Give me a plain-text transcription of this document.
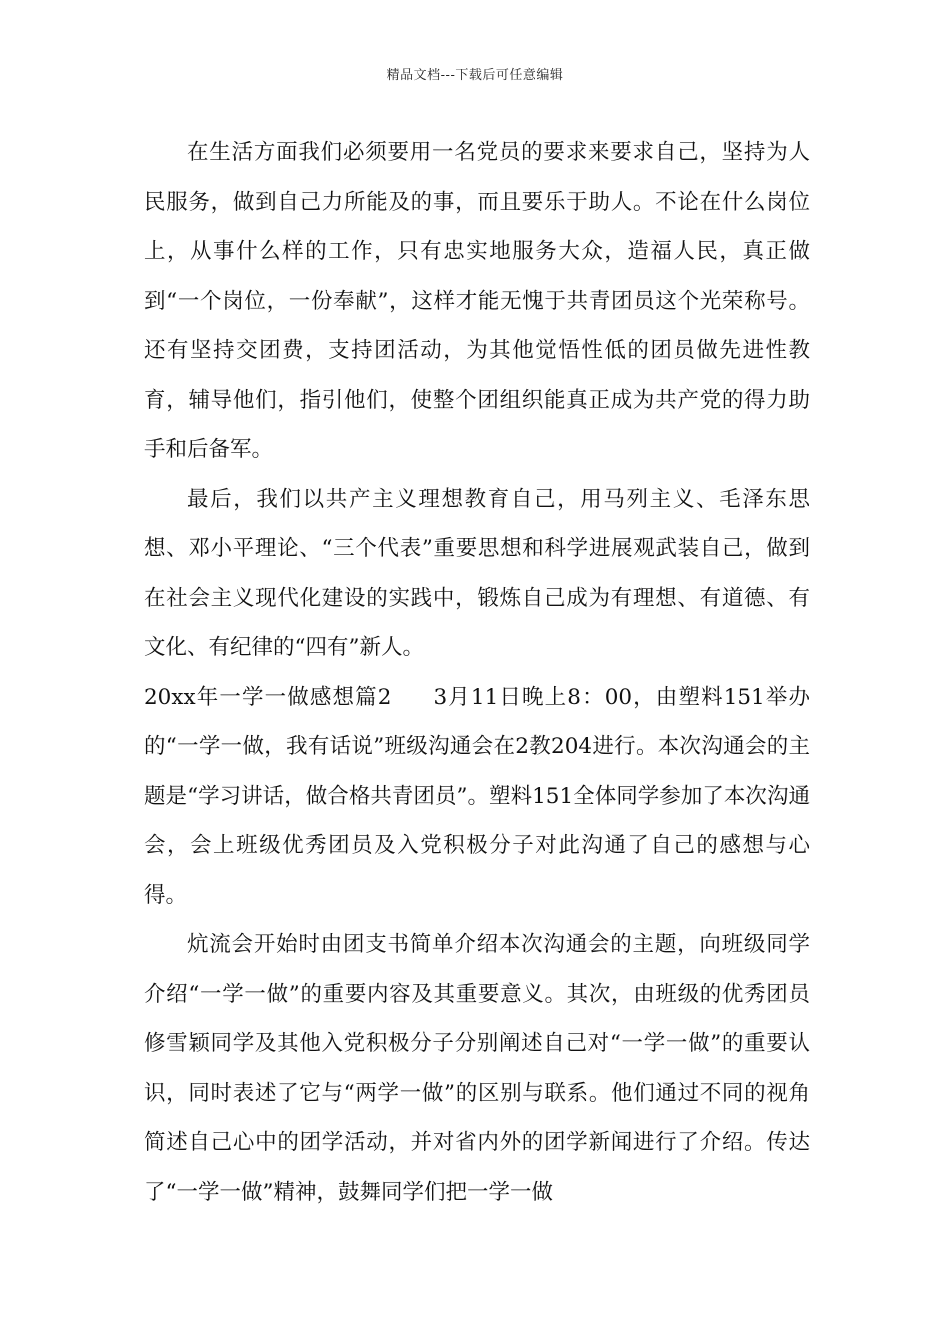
精品文档---下载后可任意编辑

在生活方面我们必须要用一名党员的要求来要求自己，坚持为人民服务，做到自己力所能及的事，而且要乐于助人。不论在什么岗位上，从事什么样的工作，只有忠实地服务大众，造福人民，真正做到“一个岗位，一份奉献”，这样才能无愧于共青团员这个光荣称号。还有坚持交团费，支持团活动，为其他觉悟性低的团员做先进性教育，辅导他们，指引他们，使整个团组织能真正成为共产党的得力助手和后备军。

最后，我们以共产主义理想教育自己，用马列主义、毛泽东思想、邓小平理论、“三个代表”重要思想和科学进展观武装自己，做到在社会主义现代化建设的实践中，锻炼自己成为有理想、有道德、有文化、有纪律的“四有”新人。

20xx年一学一做感想篇2 3月11日晚上8：00，由塑料151举办的“一学一做，我有话说”班级沟通会在2教204进行。本次沟通会的主题是“学习讲话，做合格共青团员”。塑料151全体同学参加了本次沟通会，会上班级优秀团员及入党积极分子对此沟通了自己的感想与心得。

炕流会开始时由团支书简单介绍本次沟通会的主题，向班级同学介绍“一学一做”的重要内容及其重要意义。其次，由班级的优秀团员修雪颖同学及其他入党积极分子分别阐述自己对“一学一做”的重要认识，同时表述了它与“两学一做”的区别与联系。他们通过不同的视角简述自己心中的团学活动，并对省内外的团学新闻进行了介绍。传达了“一学一做”精神，鼓舞同学们把一学一做
